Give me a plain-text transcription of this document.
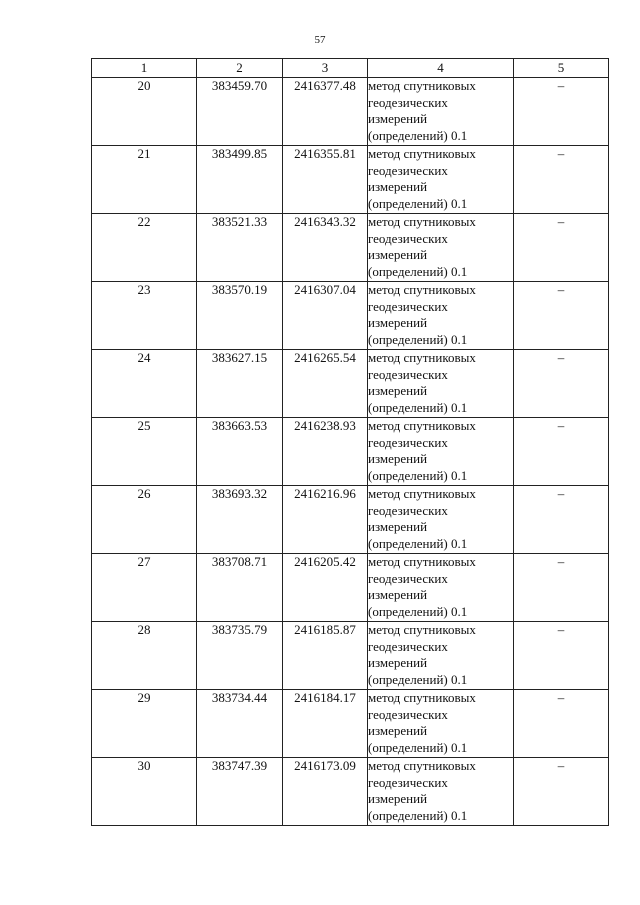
57
1	2	3	4	5
20	383459.70	2416377.48	метод спутниковых
геодезических
измерений
(определений) 0.1	–
21	383499.85	2416355.81	метод спутниковых
геодезических
измерений
(определений) 0.1	–
22	383521.33	2416343.32	метод спутниковых
геодезических
измерений
(определений) 0.1	–
23	383570.19	2416307.04	метод спутниковых
геодезических
измерений
(определений) 0.1	–
24	383627.15	2416265.54	метод спутниковых
геодезических
измерений
(определений) 0.1	–
25	383663.53	2416238.93	метод спутниковых
геодезических
измерений
(определений) 0.1	–
26	383693.32	2416216.96	метод спутниковых
геодезических
измерений
(определений) 0.1	–
27	383708.71	2416205.42	метод спутниковых
геодезических
измерений
(определений) 0.1	–
28	383735.79	2416185.87	метод спутниковых
геодезических
измерений
(определений) 0.1	–
29	383734.44	2416184.17	метод спутниковых
геодезических
измерений
(определений) 0.1	–
30	383747.39	2416173.09	метод спутниковых
геодезических
измерений
(определений) 0.1	–
